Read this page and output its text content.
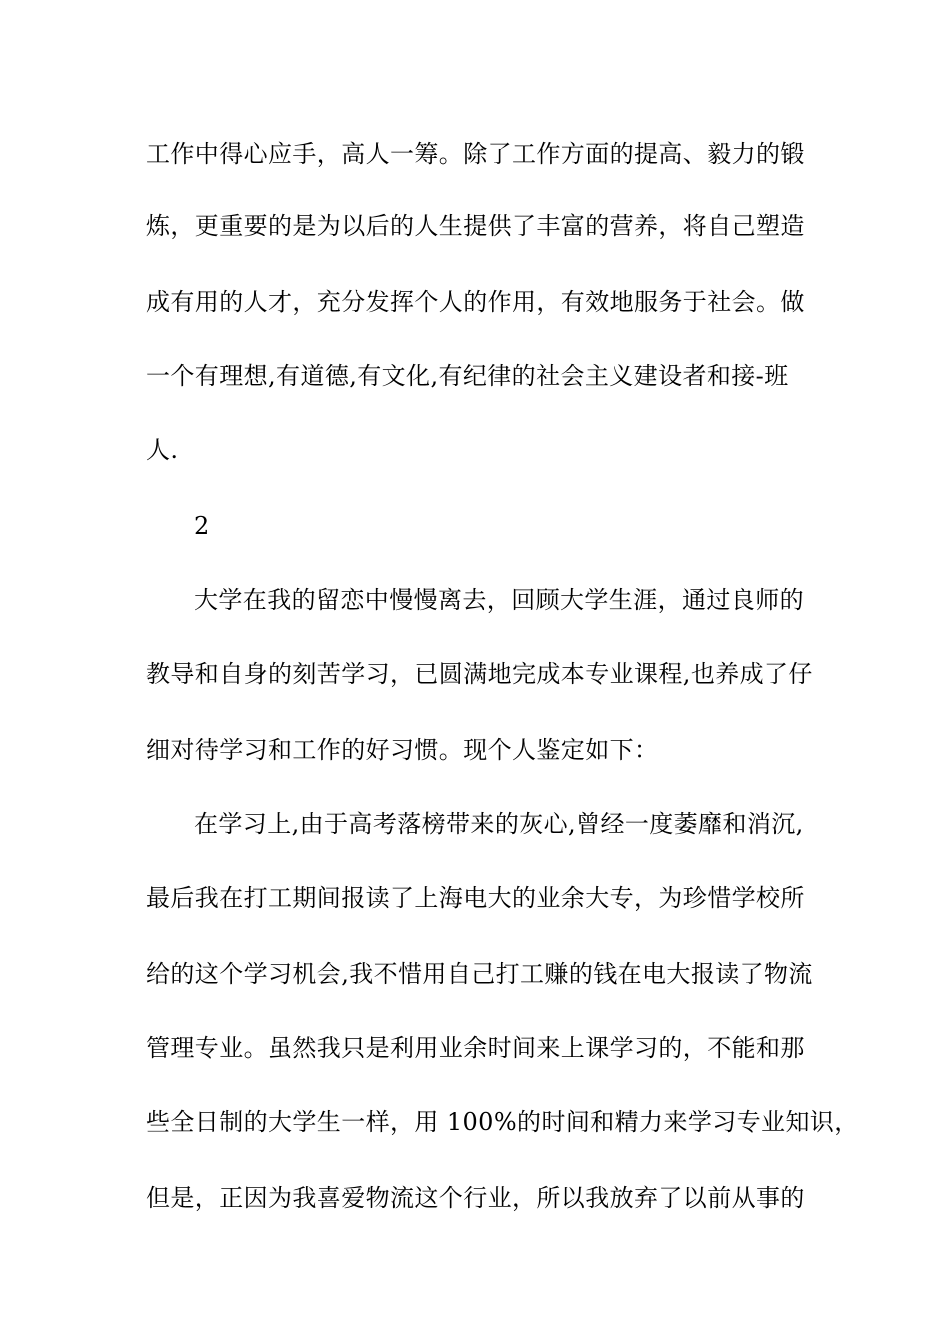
工作中得心应手，高人一筹。除了工作方面的提高、毅力的锻
炼，更重要的是为以后的人生提供了丰富的营养，将自己塑造
成有用的人才，充分发挥个人的作用，有效地服务于社会。做
一个有理想,有道德,有文化,有纪律的社会主义建设者和接-班
人.
2
大学在我的留恋中慢慢离去，回顾大学生涯，通过良师的
教导和自身的刻苦学习，已圆满地完成本专业课程,也养成了仔
细对待学习和工作的好习惯。现个人鉴定如下：
在学习上,由于高考落榜带来的灰心,曾经一度萎靡和消沉,
最后我在打工期间报读了上海电大的业余大专，为珍惜学校所
给的这个学习机会,我不惜用自己打工赚的钱在电大报读了物流
管理专业。虽然我只是利用业余时间来上课学习的，不能和那
些全日制的大学生一样，用 100%的时间和精力来学习专业知识，
但是，正因为我喜爱物流这个行业，所以我放弃了以前从事的
